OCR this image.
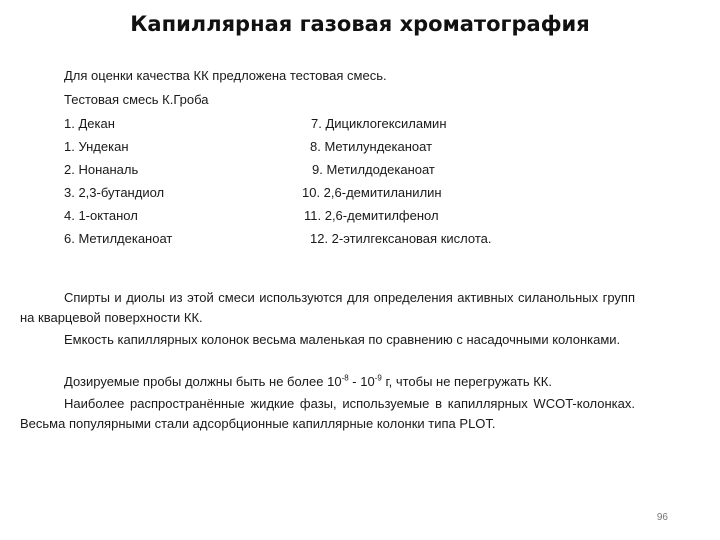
Капиллярная газовая хроматография
Для оценки качества КК предложена тестовая смесь.
Тестовая смесь К.Гроба
1. Декан
1. Ундекан
2. Нонаналь
3. 2,3-бутандиол
4. 1-октанол
6. Метилдеканоат
7. Дициклогексиламин
8. Метилундеканоат
9. Метилдодеканоат
10. 2,6-демитиланилин
11. 2,6-демитилфенол
12. 2-этилгексановая кислота.
Спирты и диолы из этой смеси используются для определения активных силанольных групп на кварцевой поверхности КК.
Емкость капиллярных колонок весьма маленькая по сравнению с насадочными колонками.
Дозируемые пробы должны быть не более $10^{-8} - 10^{-9}$ г, чтобы не перегружать КК.
Наиболее распространённые жидкие фазы, используемые в капиллярных WCOT-колонках. Весьма популярными стали адсорбционные капиллярные колонки типа PLOT.
96
